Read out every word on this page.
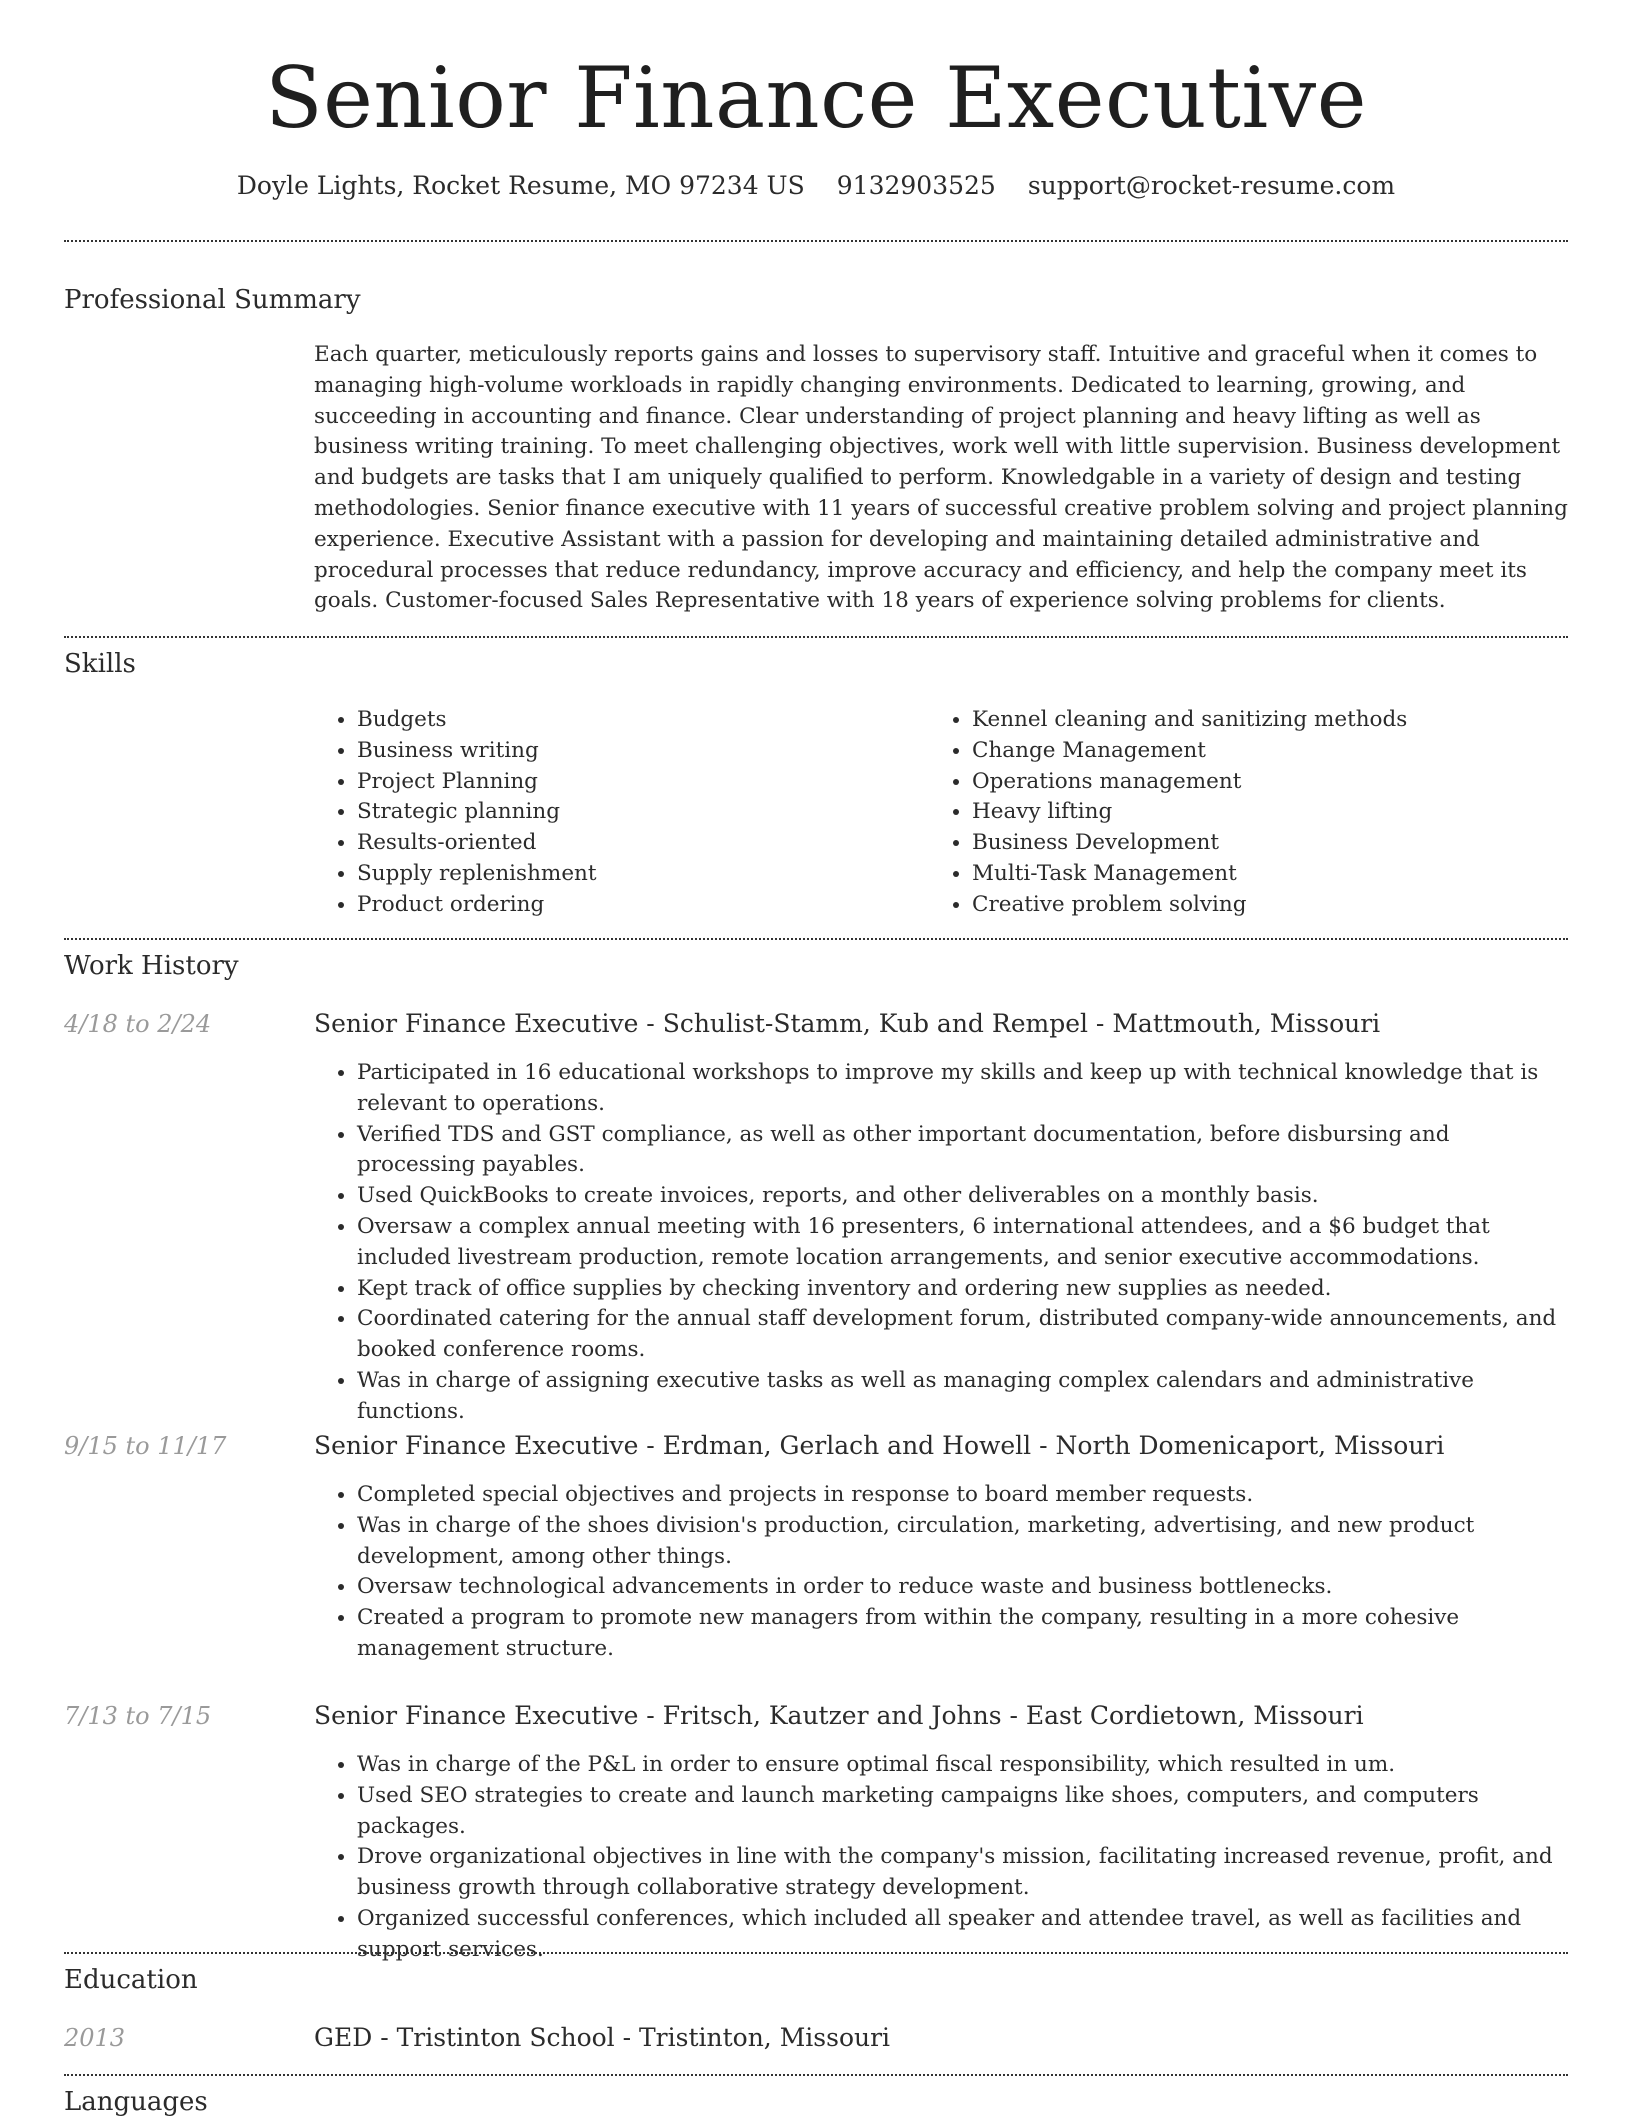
Senior Finance Executive
Doyle Lights, Rocket Resume, MO 97234 US 9132903525 support@rocket-resume.com
Professional Summary

Each quarter, meticulously reports gains and losses to supervisory staff. Intuitive and graceful when it comes to managing high-volume workloads in rapidly changing environments. Dedicated to learning, growing, and succeeding in accounting and finance. Clear understanding of project planning and heavy lifting as well as business writing training. To meet challenging objectives, work well with little supervision. Business development and budgets are tasks that I am uniquely qualified to perform. Knowledgable in a variety of design and testing methodologies. Senior finance executive with 11 years of successful creative problem solving and project planning experience. Executive Assistant with a passion for developing and maintaining detailed administrative and procedural processes that reduce redundancy, improve accuracy and efficiency, and help the company meet its goals. Customer-focused Sales Representative with 18 years of experience solving problems for clients.

Skills
• Budgets
• Business writing
• Project Planning
• Strategic planning
• Results-oriented
• Supply replenishment
• Product ordering
• Kennel cleaning and sanitizing methods
• Change Management
• Operations management
• Heavy lifting
• Business Development
• Multi-Task Management
• Creative problem solving
Work History
4/18 to 2/24	Senior Finance Executive - Schulist-Stamm, Kub and Rempel - Mattmouth, Missouri
• Participated in 16 educational workshops to improve my skills and keep up with technical knowledge that is relevant to operations.
• Verified TDS and GST compliance, as well as other important documentation, before disbursing and processing payables.
• Used QuickBooks to create invoices, reports, and other deliverables on a monthly basis.
• Oversaw a complex annual meeting with 16 presenters, 6 international attendees, and a $6 budget that included livestream production, remote location arrangements, and senior executive accommodations.
• Kept track of office supplies by checking inventory and ordering new supplies as needed.
• Coordinated catering for the annual staff development forum, distributed company-wide announcements, and booked conference rooms.
• Was in charge of assigning executive tasks as well as managing complex calendars and administrative functions.
9/15 to 11/17	Senior Finance Executive - Erdman, Gerlach and Howell - North Domenicaport, Missouri
• Completed special objectives and projects in response to board member requests.
• Was in charge of the shoes division's production, circulation, marketing, advertising, and new product development, among other things.
• Oversaw technological advancements in order to reduce waste and business bottlenecks.
• Created a program to promote new managers from within the company, resulting in a more cohesive management structure.
7/13 to 7/15	Senior Finance Executive - Fritsch, Kautzer and Johns - East Cordietown, Missouri
• Was in charge of the P&L in order to ensure optimal fiscal responsibility, which resulted in um.
• Used SEO strategies to create and launch marketing campaigns like shoes, computers, and computers packages.
• Drove organizational objectives in line with the company's mission, facilitating increased revenue, profit, and business growth through collaborative strategy development.
• Organized successful conferences, which included all speaker and attendee travel, as well as facilities and support services.
Education
2013	GED - Tristinton School - Tristinton, Missouri
Languages
